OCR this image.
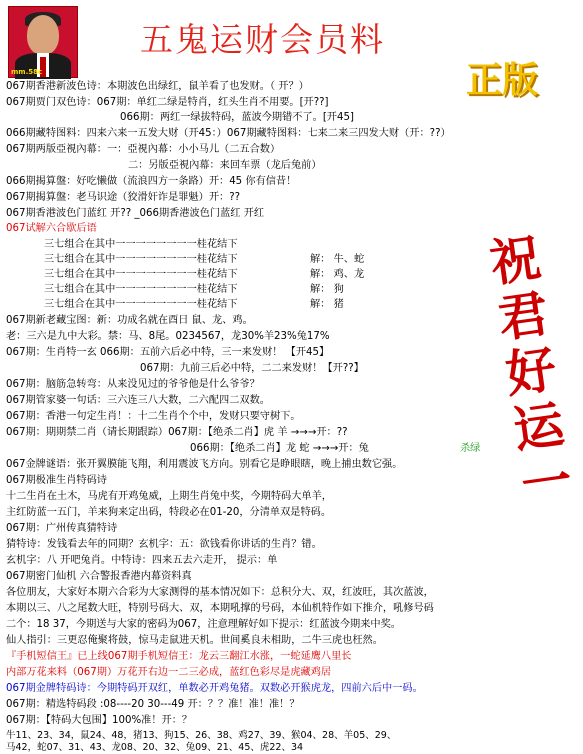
mm.58c
五鬼运财会员料
正版
祝
君
好
运
一
067期香港新波色诗：本期波色出绿红，鼠羊看了也发财。（ 开？）
067期贾门双色诗：067期：单红二绿是特肖，红头生肖不用要。[开??]
066期：两红一绿拔特码，蓝波今期错不了。[开45]
066期藏特图料：四来六来一五发大财（开45：）067期藏特图料：七来二来三四发大财（开：??）
067期两版亞視內幕：一：亞視內幕：小小马儿（二五合数）
二：另版亞視內幕：来回车票（龙后兔前）
066期揭算盤：好吃懒做（流浪四方一条路）开：45 你有信昔！
067期揭算盤：老马识途（狡滑奸诈是罪魁）开：??
067期香港波色门蓝红 开?? _066期香港波色门蓝红 开红
067试解六合歇后语
三七组合在其中一一一一一一一一桂花结下
三七组合在其中一一一一一一一一桂花结下
三七组合在其中一一一一一一一一桂花结下
三七组合在其中一一一一一一一一桂花结下
三七组合在其中一一一一一一一一桂花结下
解： 牛、蛇
解： 鸡、龙
解： 狗
解： 猪
067期新老藏宝图：新：功成名就在酉日 鼠、龙、鸡。
老：三六是九中大彩。禁：马、8尾。0234567，龙30%羊23%兔17%
067期：生肖特一玄 066期：五前六后必中特，三一来发财！ 【开45】
067期：九前三后必中特，二二来发财！【开??】
067期：脑筋急转弯：从来没见过的爷爷他是什么爷爷？
067期管家婆一句话：三六连三八大数，二六配四二双数。
067期：香港一句定生肖！：十二生肖个个中，发财只要守树下。
067期：期期禁二肖（请长期跟踪）067期：【绝杀二肖】虎 羊 →→→开：??
066期：【绝杀二肖】龙 蛇 →→→开：兔	杀绿
067金牌谜语：张开翼膜能飞翔，利用震波飞方向。别看它是睁眼瞎，晚上捕虫数它强。
067期极准生肖特码诗
十二生肖在土木，马虎有开鸡兔威，上期生肖兔中奖，今期特码大单羊，
主红防蓝一五门，羊来狗来定出码，特段必在01-20，分清单双是特码。
067期：广州传真猜特诗
猜特诗：发钱看去年的同期？玄机字：五：欲钱看你讲话的生肖？错。
玄机字：八 开吧兔肖。中特诗：四来五去六走开， 提示：单
067期密门仙机 六合警报香港内幕资料真
各位朋友，大家好本期六合彩为大家测得的基本情况如下：总积分大、双，红波旺，其次蓝波，
本期以三、八之尾数大旺，特别号码大、双，本期吼撑的号码，本仙机特作如下推介，吼修号码
二个：18 37，今期送与大家的密码为067，注意理解好如下提示：红蓝波今期来中奖。
仙人指引：三更忍俺聚将鼓，惊马走鼠进天机。世间奚良未相助，二牛三虎也枉然。
『手机短信王』已上线067期手机短信王：龙云三翻江水涨，一蛇延鹰八里长
内部万花来料（067期）万花开右边一二三必成，蓝红色彩尽是虎藏鸡居
067期金牌特码诗：今期特码开双红，单数必开鸡兔猪。双数必开猴虎龙，四前六后中一码。
067期：精选特码段 :08----20 30---49 开：？？准！准！准！？
067期：【特码大包围】100%准！开：？
牛11、23、34，鼠24、48，猪13、狗15、26、38、鸡27、39、猴04、28、羊05、29、
马42，蛇07、31、43、龙08、20、32、兔09、21、45、虎22、34
